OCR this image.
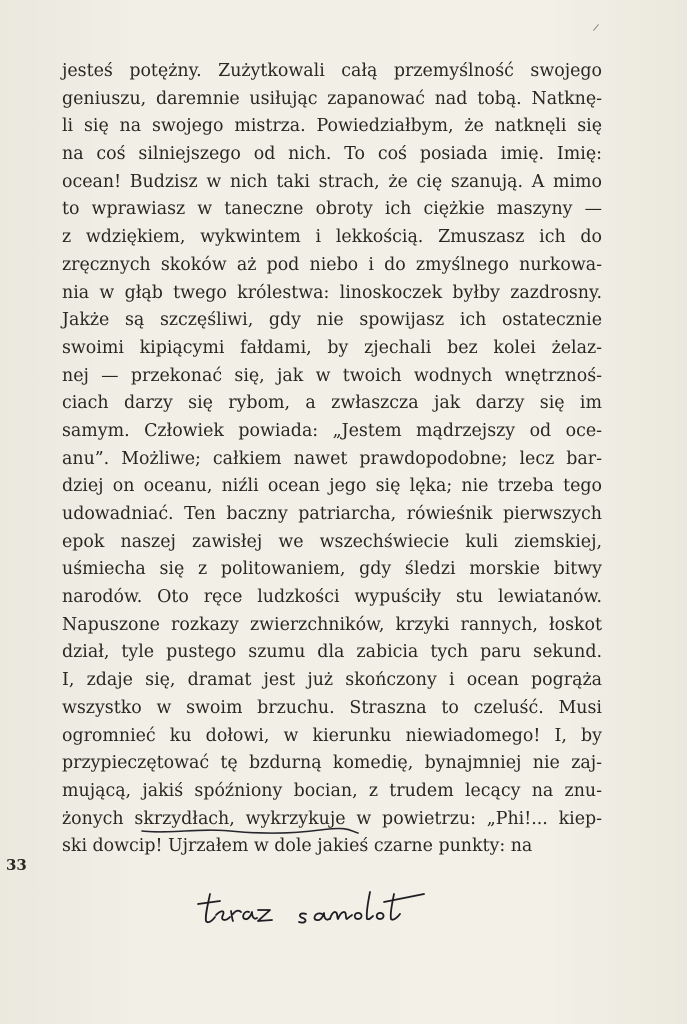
jesteś potężny. Zużytkowali całą przemyślność swojego
geniuszu, daremnie usiłując zapanować nad tobą. Natknę-
li się na swojego mistrza. Powiedziałbym, że natknęli się
na coś silniejszego od nich. To coś posiada imię. Imię:
ocean! Budzisz w nich taki strach, że cię szanują. A mimo
to wprawiasz w taneczne obroty ich ciężkie maszyny —
z wdziękiem, wykwintem i lekkością. Zmuszasz ich do
zręcznych skoków aż pod niebo i do zmyślnego nurkowa-
nia w głąb twego królestwa: linoskoczek byłby zazdrosny.
Jakże są szczęśliwi, gdy nie spowijasz ich ostatecznie
swoimi kipiącymi fałdami, by zjechali bez kolei żelaz-
nej — przekonać się, jak w twoich wodnych wnętrznoś-
ciach darzy się rybom, a zwłaszcza jak darzy się im
samym. Człowiek powiada: „Jestem mądrzejszy od oce-
anu”. Możliwe; całkiem nawet prawdopodobne; lecz bar-
dziej on oceanu, niźli ocean jego się lęka; nie trzeba tego
udowadniać. Ten baczny patriarcha, rówieśnik pierwszych
epok naszej zawisłej we wszechświecie kuli ziemskiej,
uśmiecha się z politowaniem, gdy śledzi morskie bitwy
narodów. Oto ręce ludzkości wypuściły stu lewiatanów.
Napuszone rozkazy zwierzchników, krzyki rannych, łoskot
dział, tyle pustego szumu dla zabicia tych paru sekund.
I, zdaje się, dramat jest już skończony i ocean pogrąża
wszystko w swoim brzuchu. Straszna to czeluść. Musi
ogromnieć ku dołowi, w kierunku niewiadomego! I, by
przypieczętować tę bzdurną komedię, bynajmniej nie zaj-
mującą, jakiś spóźniony bocian, z trudem lecący na znu-
żonych skrzydłach, wykrzykuje w powietrzu: „Phi!... kiep-
ski dowcip! Ujrzałem w dole jakieś czarne punkty: na
33
